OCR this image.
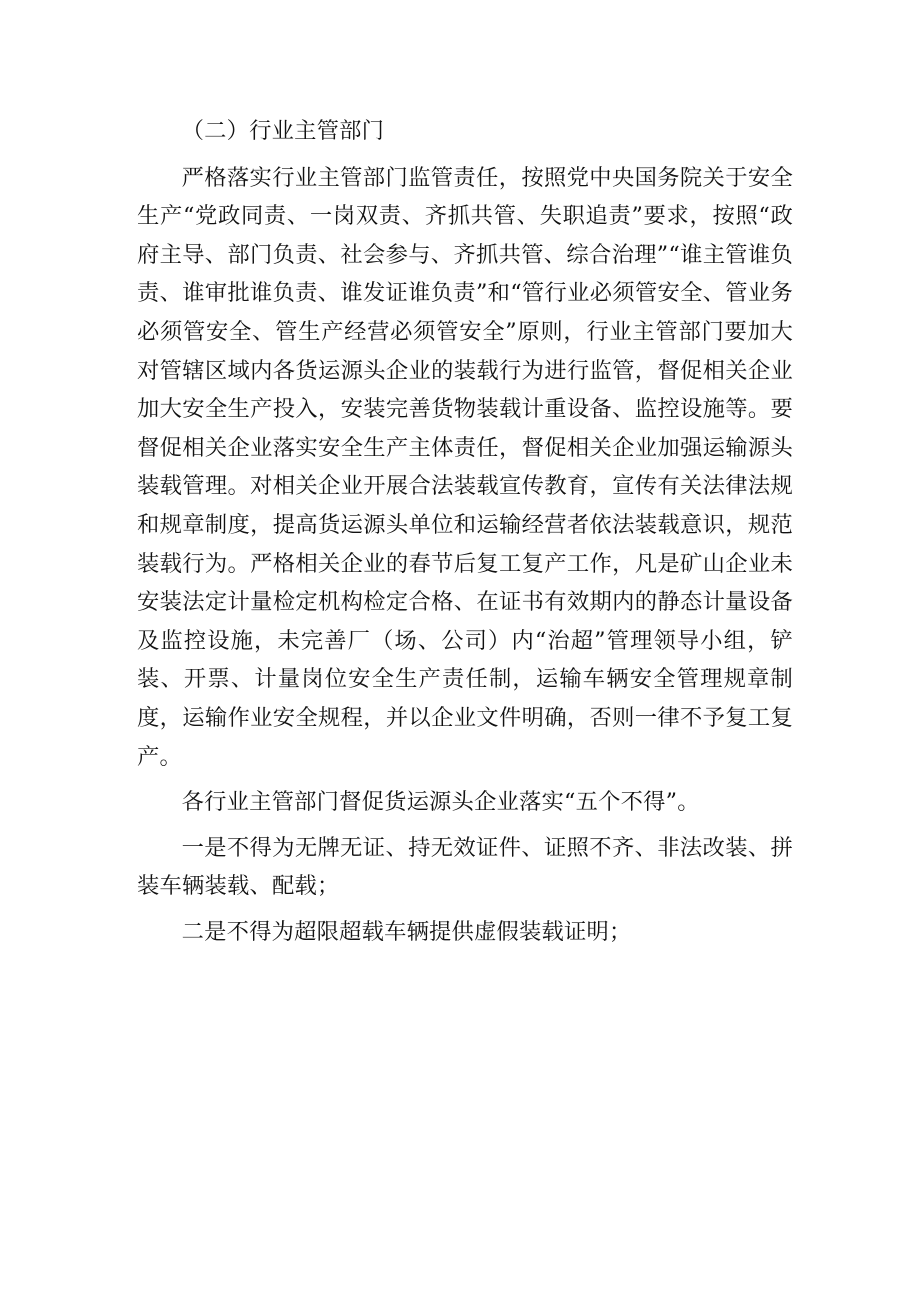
（二）行业主管部门

严格落实行业主管部门监管责任，按照党中央国务院关于安全生产“党政同责、一岗双责、齐抓共管、失职追责”要求，按照“政府主导、部门负责、社会参与、齐抓共管、综合治理”“谁主管谁负责、谁审批谁负责、谁发证谁负责”和“管行业必须管安全、管业务必须管安全、管生产经营必须管安全”原则，行业主管部门要加大对管辖区域内各货运源头企业的装载行为进行监管，督促相关企业加大安全生产投入，安装完善货物装载计重设备、监控设施等。要督促相关企业落实安全生产主体责任，督促相关企业加强运输源头装载管理。对相关企业开展合法装载宣传教育，宣传有关法律法规和规章制度，提高货运源头单位和运输经营者依法装载意识，规范装载行为。严格相关企业的春节后复工复产工作，凡是矿山企业未安装法定计量检定机构检定合格、在证书有效期内的静态计量设备及监控设施，未完善厂（场、公司）内“治超”管理领导小组，铲装、开票、计量岗位安全生产责任制，运输车辆安全管理规章制度，运输作业安全规程，并以企业文件明确，否则一律不予复工复产。

各行业主管部门督促货运源头企业落实“五个不得”。

一是不得为无牌无证、持无效证件、证照不齐、非法改装、拼装车辆装载、配载；

二是不得为超限超载车辆提供虚假装载证明；
